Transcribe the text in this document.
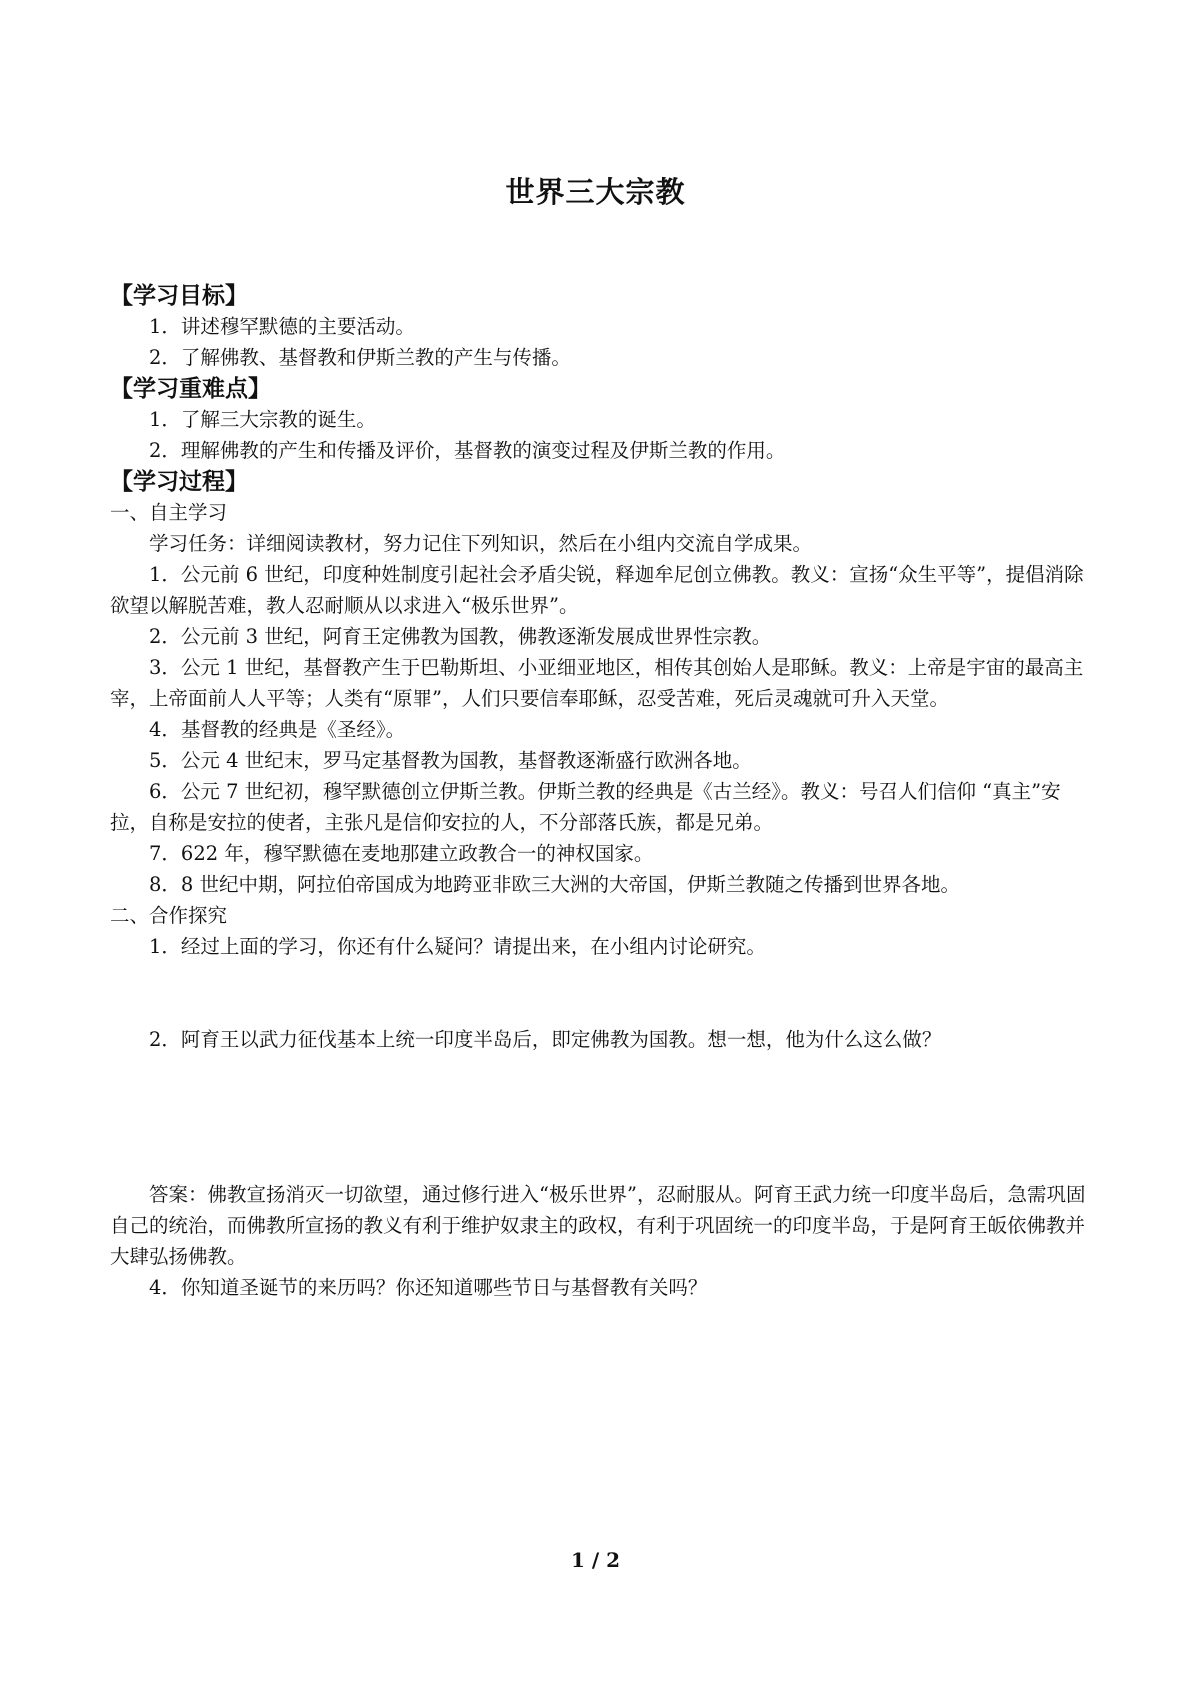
世界三大宗教
【学习目标】

1．讲述穆罕默德的主要活动。

2．了解佛教、基督教和伊斯兰教的产生与传播。

【学习重难点】

1．了解三大宗教的诞生。

2．理解佛教的产生和传播及评价，基督教的演变过程及伊斯兰教的作用。

【学习过程】

一、自主学习

学习任务：详细阅读教材，努力记住下列知识，然后在小组内交流自学成果。

1．公元前 6 世纪，印度种姓制度引起社会矛盾尖锐，释迦牟尼创立佛教。教义：宣扬“众生平等”，提倡消除欲望以解脱苦难，教人忍耐顺从以求进入“极乐世界”。

2．公元前 3 世纪，阿育王定佛教为国教，佛教逐渐发展成世界性宗教。

3．公元 1 世纪，基督教产生于巴勒斯坦、小亚细亚地区，相传其创始人是耶稣。教义：上帝是宇宙的最高主宰，上帝面前人人平等；人类有“原罪”，人们只要信奉耶稣，忍受苦难，死后灵魂就可升入天堂。

4．基督教的经典是《圣经》。

5．公元 4 世纪末，罗马定基督教为国教，基督教逐渐盛行欧洲各地。

6．公元 7 世纪初，穆罕默德创立伊斯兰教。伊斯兰教的经典是《古兰经》。教义：号召人们信仰 “真主”安拉，自称是安拉的使者，主张凡是信仰安拉的人，不分部落氏族，都是兄弟。

7．622 年，穆罕默德在麦地那建立政教合一的神权国家。

8．8 世纪中期，阿拉伯帝国成为地跨亚非欧三大洲的大帝国，伊斯兰教随之传播到世界各地。

二、合作探究

1．经过上面的学习，你还有什么疑问？请提出来，在小组内讨论研究。

2．阿育王以武力征伐基本上统一印度半岛后，即定佛教为国教。想一想，他为什么这么做？

答案：佛教宣扬消灭一切欲望，通过修行进入“极乐世界”，忍耐服从。阿育王武力统一印度半岛后，急需巩固自己的统治，而佛教所宣扬的教义有利于维护奴隶主的政权，有利于巩固统一的印度半岛，于是阿育王皈依佛教并大肆弘扬佛教。

4．你知道圣诞节的来历吗？你还知道哪些节日与基督教有关吗？

1 / 2
